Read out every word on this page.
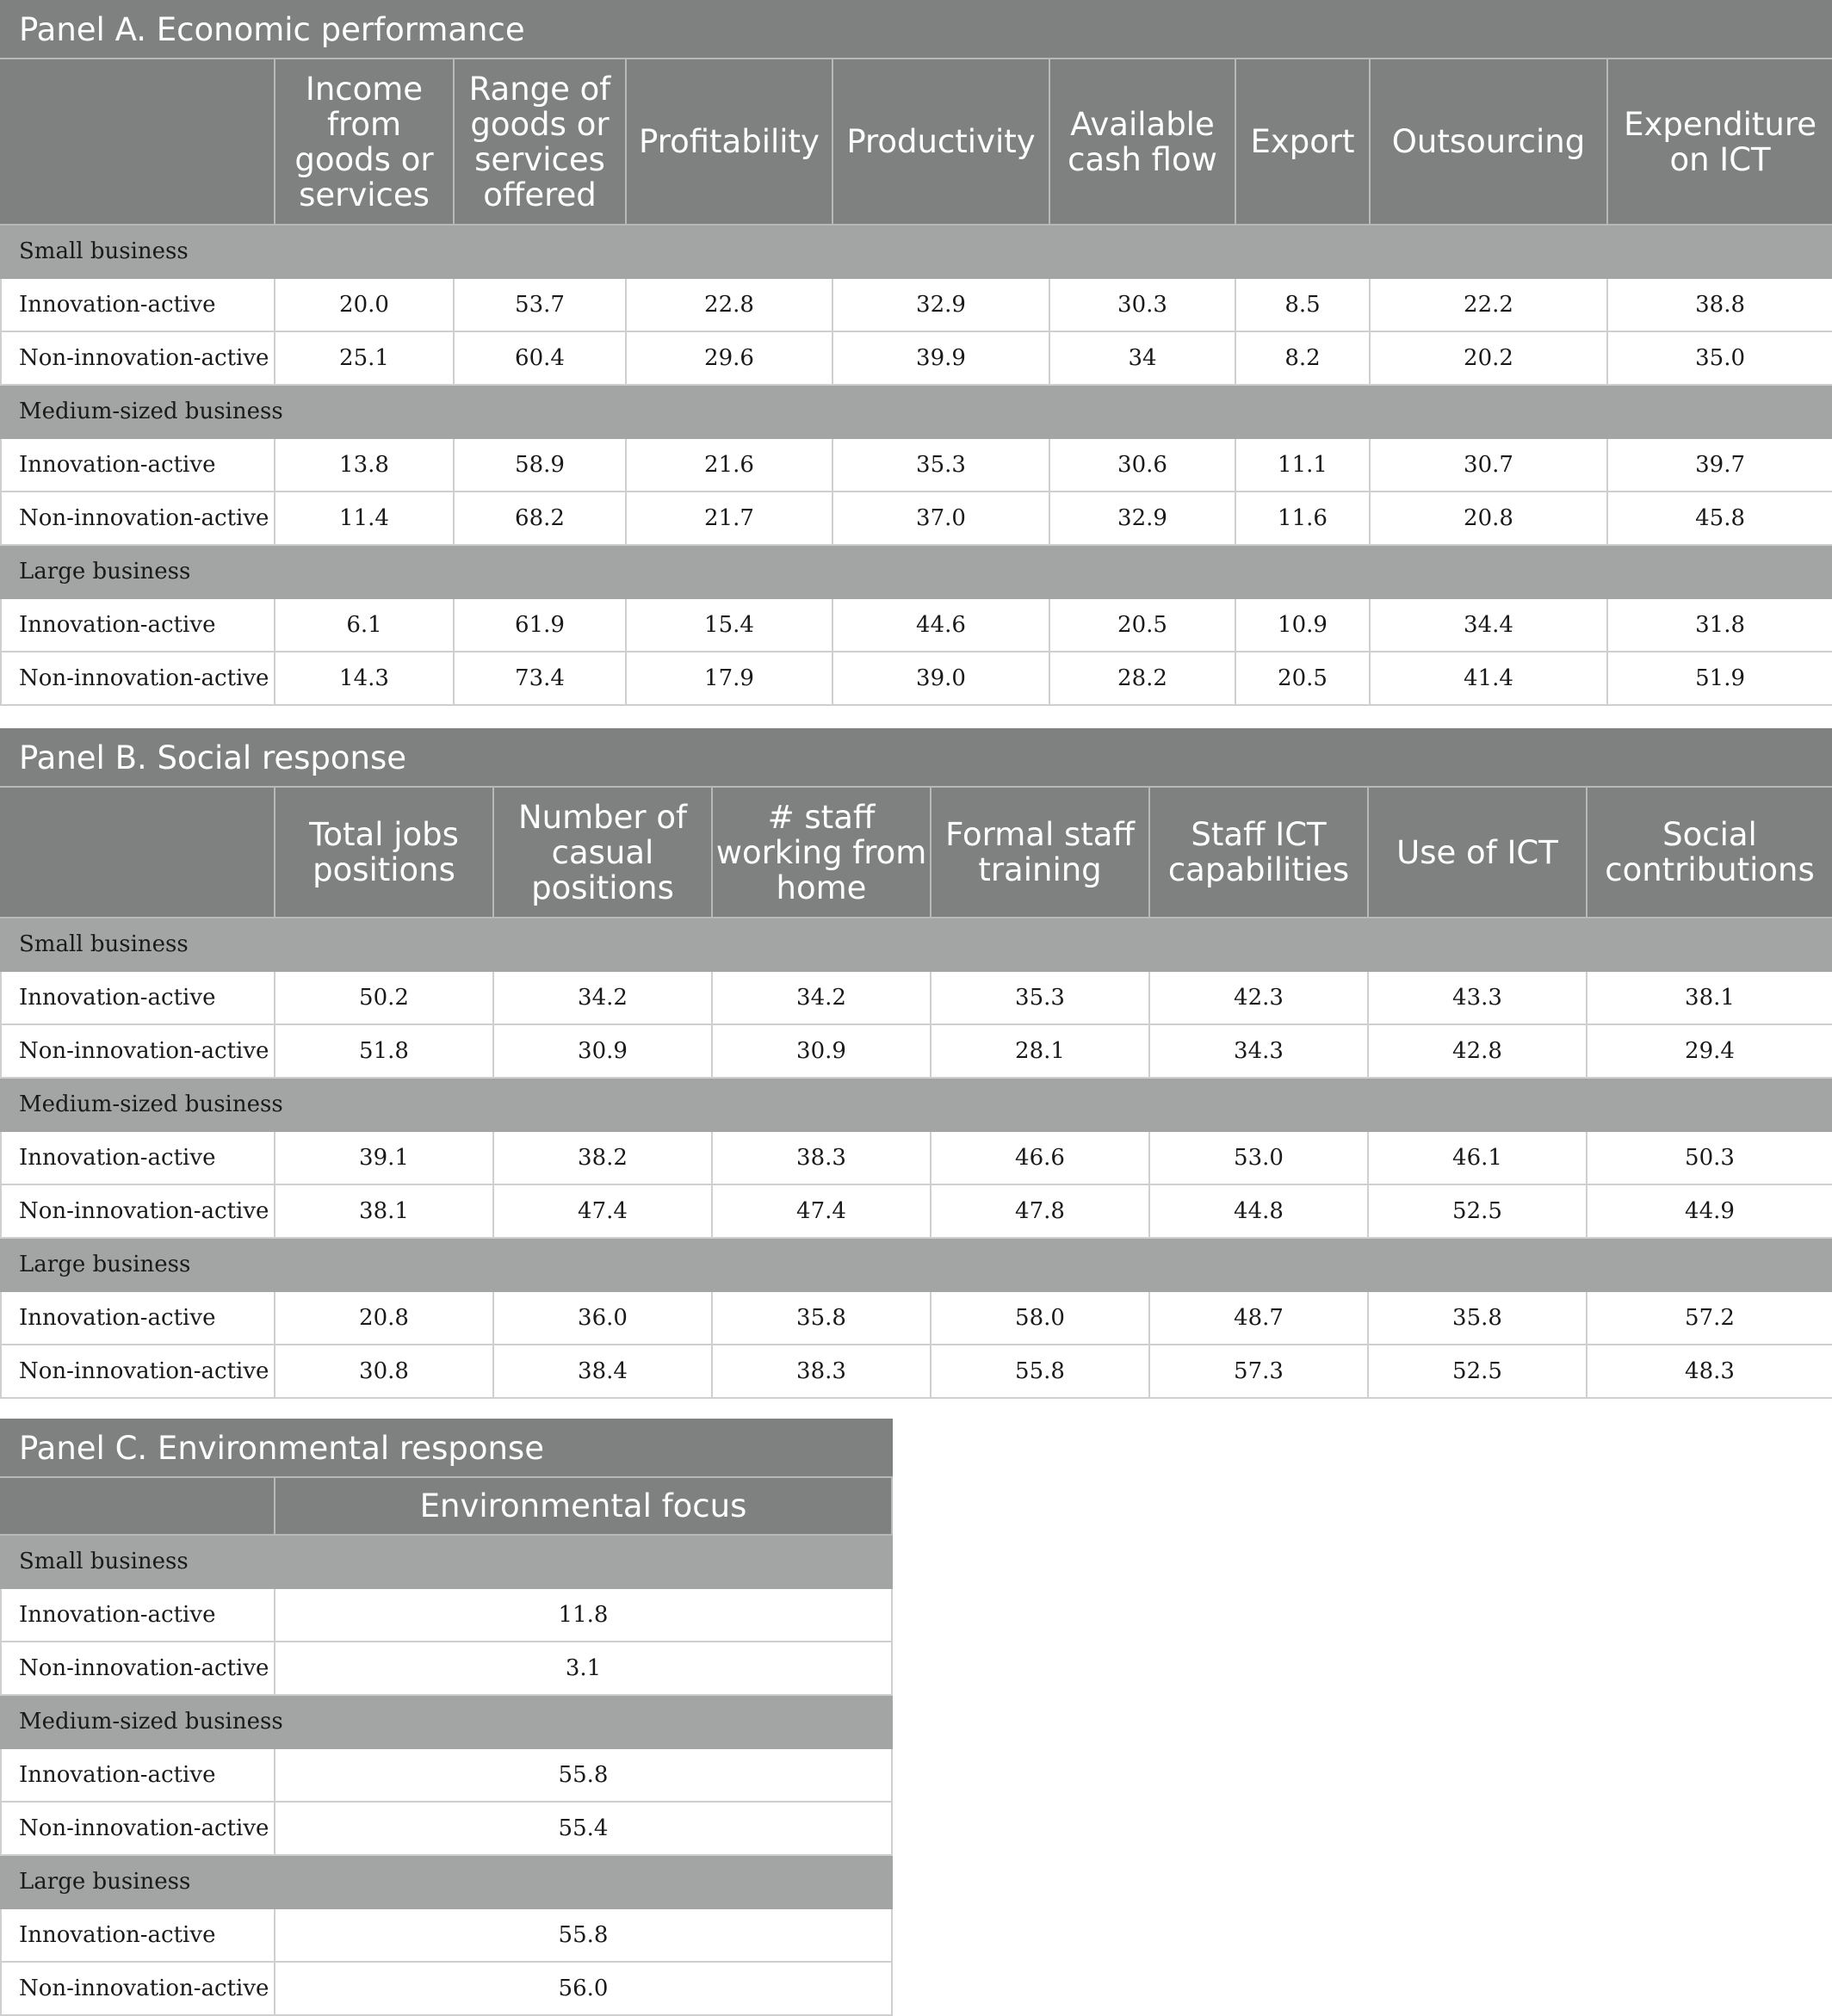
Panel A. Economic performance								
	Income from goods or services	Range of goods or services offered	Profitability	Productivity	Available cash flow	Export	Outsourcing	Expenditure on ICT
Small business								
Innovation-active	20.0	53.7	22.8	32.9	30.3	8.5	22.2	38.8
Non-innovation-active	25.1	60.4	29.6	39.9	34	8.2	20.2	35.0
Medium-sized business								
Innovation-active	13.8	58.9	21.6	35.3	30.6	11.1	30.7	39.7
Non-innovation-active	11.4	68.2	21.7	37.0	32.9	11.6	20.8	45.8
Large business								
Innovation-active	6.1	61.9	15.4	44.6	20.5	10.9	34.4	31.8
Non-innovation-active	14.3	73.4	17.9	39.0	28.2	20.5	41.4	51.9
Panel B. Social response							
	Total jobs positions	Number of casual positions	# staff working from home	Formal staff training	Staff ICT capabilities	Use of ICT	Social contributions
Small business							
Innovation-active	50.2	34.2	34.2	35.3	42.3	43.3	38.1
Non-innovation-active	51.8	30.9	30.9	28.1	34.3	42.8	29.4
Medium-sized business							
Innovation-active	39.1	38.2	38.3	46.6	53.0	46.1	50.3
Non-innovation-active	38.1	47.4	47.4	47.8	44.8	52.5	44.9
Large business							
Innovation-active	20.8	36.0	35.8	58.0	48.7	35.8	57.2
Non-innovation-active	30.8	38.4	38.3	55.8	57.3	52.5	48.3
Panel C. Environmental response	
	Environmental focus
Small business	
Innovation-active	11.8
Non-innovation-active	3.1
Medium-sized business	
Innovation-active	55.8
Non-innovation-active	55.4
Large business	
Innovation-active	55.8
Non-innovation-active	56.0
